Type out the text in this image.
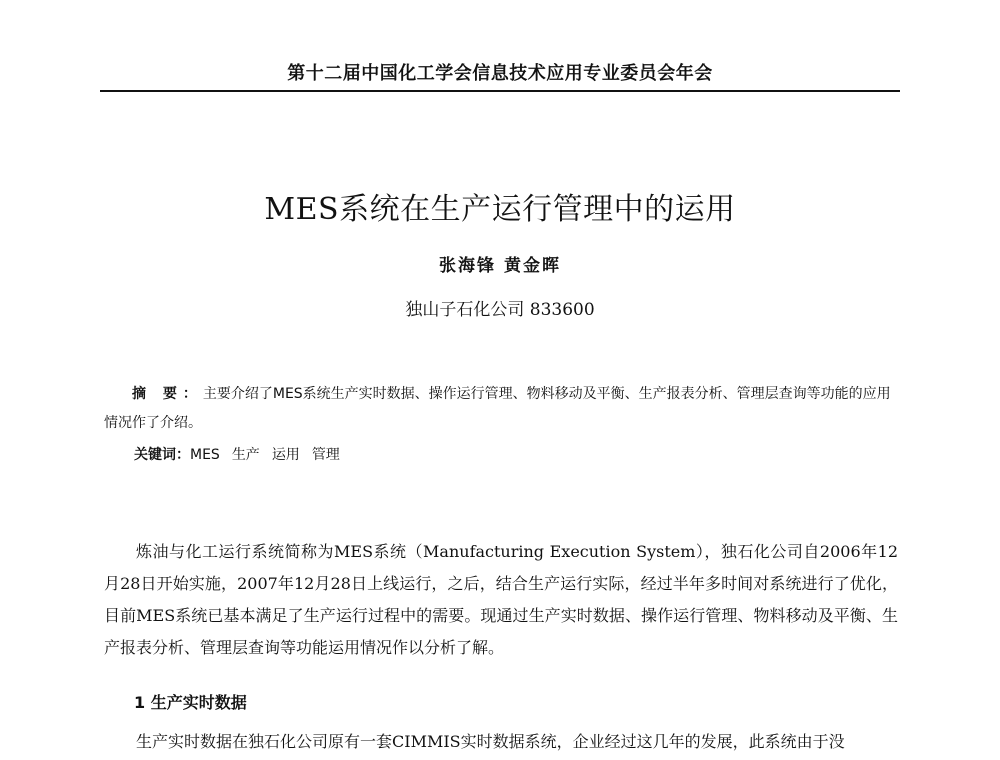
第十二届中国化工学会信息技术应用专业委员会年会
MES系统在生产运行管理中的运用
张海锋 黄金晖
独山子石化公司 833600
摘 要：主要介绍了MES系统生产实时数据、操作运行管理、物料移动及平衡、生产报表分析、管理层查询等功能的应用情况作了介绍。
关键词：MES 生产 运用 管理
炼油与化工运行系统简称为MES系统（Manufacturing Execution System），独石化公司自2006年12月28日开始实施，2007年12月28日上线运行，之后，结合生产运行实际，经过半年多时间对系统进行了优化，目前MES系统已基本满足了生产运行过程中的需要。现通过生产实时数据、操作运行管理、物料移动及平衡、生产报表分析、管理层查询等功能运用情况作以分析了解。
1 生产实时数据
生产实时数据在独石化公司原有一套CIMMIS实时数据系统，企业经过这几年的发展，此系统由于没
